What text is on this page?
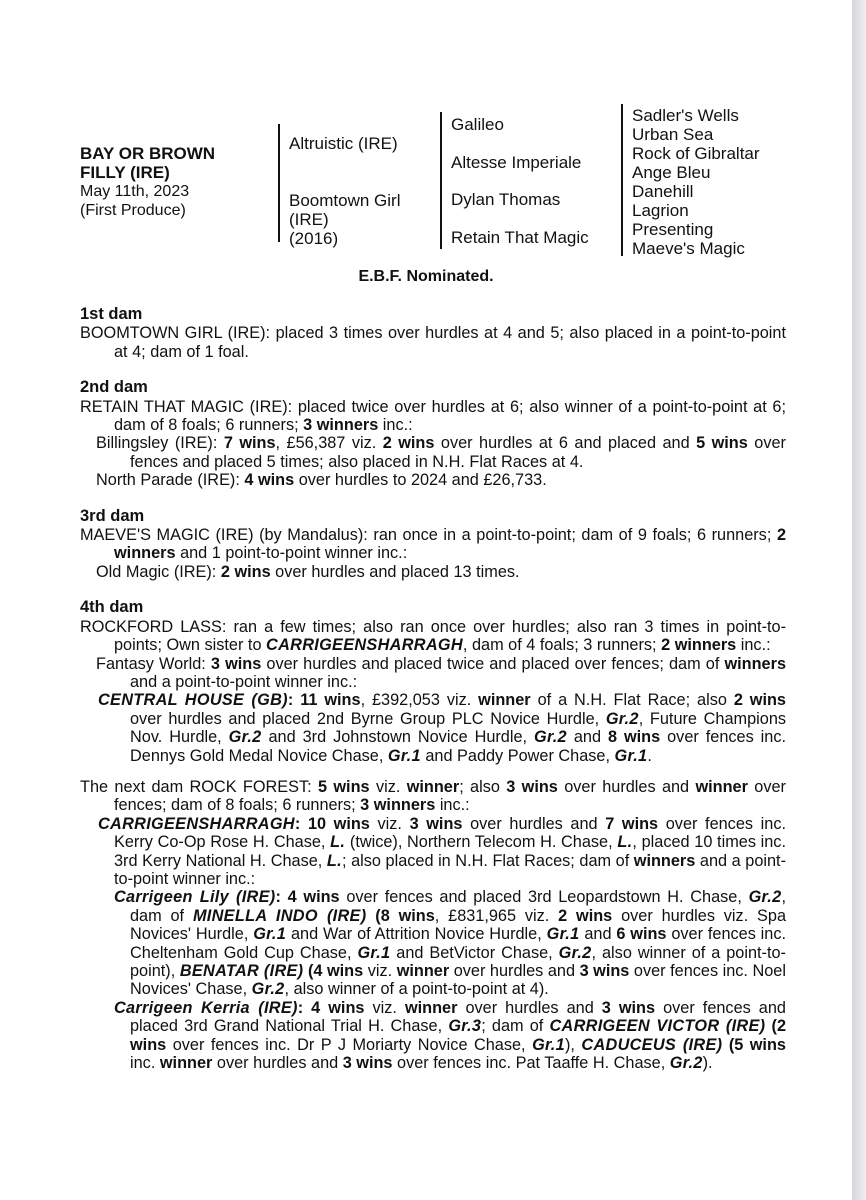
BAY OR BROWN FILLY (IRE)
May 11th, 2023
(First Produce)
Altruistic (IRE)
Boomtown Girl
(IRE)
(2016)
Galileo
Altesse Imperiale
Dylan Thomas
Retain That Magic
Sadler's Wells
Urban Sea
Rock of Gibraltar
Ange Bleu
Danehill
Lagrion
Presenting
Maeve's Magic
E.B.F. Nominated.
1st dam
BOOMTOWN GIRL (IRE): placed 3 times over hurdles at 4 and 5; also placed in a point-to-point at 4; dam of 1 foal.
2nd dam
RETAIN THAT MAGIC (IRE): placed twice over hurdles at 6; also winner of a point-to-point at 6; dam of 8 foals; 6 runners; 3 winners inc.:
Billingsley (IRE): 7 wins, £56,387 viz. 2 wins over hurdles at 6 and placed and 5 wins over fences and placed 5 times; also placed in N.H. Flat Races at 4.
North Parade (IRE): 4 wins over hurdles to 2024 and £26,733.
3rd dam
MAEVE'S MAGIC (IRE) (by Mandalus): ran once in a point-to-point; dam of 9 foals; 6 runners; 2 winners and 1 point-to-point winner inc.:
Old Magic (IRE): 2 wins over hurdles and placed 13 times.
4th dam
ROCKFORD LASS: ran a few times; also ran once over hurdles; also ran 3 times in point-to-points; Own sister to CARRIGEENSHARRAGH, dam of 4 foals; 3 runners; 2 winners inc.:
Fantasy World: 3 wins over hurdles and placed twice and placed over fences; dam of winners and a point-to-point winner inc.:
CENTRAL HOUSE (GB): 11 wins, £392,053 viz. winner of a N.H. Flat Race; also 2 wins over hurdles and placed 2nd Byrne Group PLC Novice Hurdle, Gr.2, Future Champions Nov. Hurdle, Gr.2 and 3rd Johnstown Novice Hurdle, Gr.2 and 8 wins over fences inc. Dennys Gold Medal Novice Chase, Gr.1 and Paddy Power Chase, Gr.1.
The next dam ROCK FOREST: 5 wins viz. winner; also 3 wins over hurdles and winner over fences; dam of 8 foals; 6 runners; 3 winners inc.:
CARRIGEENSHARRAGH: 10 wins viz. 3 wins over hurdles and 7 wins over fences inc. Kerry Co-Op Rose H. Chase, L. (twice), Northern Telecom H. Chase, L., placed 10 times inc. 3rd Kerry National H. Chase, L.; also placed in N.H. Flat Races; dam of winners and a point-to-point winner inc.:
Carrigeen Lily (IRE): 4 wins over fences and placed 3rd Leopardstown H. Chase, Gr.2, dam of MINELLA INDO (IRE) (8 wins, £831,965 viz. 2 wins over hurdles viz. Spa Novices' Hurdle, Gr.1 and War of Attrition Novice Hurdle, Gr.1 and 6 wins over fences inc. Cheltenham Gold Cup Chase, Gr.1 and BetVictor Chase, Gr.2, also winner of a point-to-point), BENATAR (IRE) (4 wins viz. winner over hurdles and 3 wins over fences inc. Noel Novices' Chase, Gr.2, also winner of a point-to-point at 4).
Carrigeen Kerria (IRE): 4 wins viz. winner over hurdles and 3 wins over fences and placed 3rd Grand National Trial H. Chase, Gr.3; dam of CARRIGEEN VICTOR (IRE) (2 wins over fences inc. Dr P J Moriarty Novice Chase, Gr.1), CADUCEUS (IRE) (5 wins inc. winner over hurdles and 3 wins over fences inc. Pat Taaffe H. Chase, Gr.2).
